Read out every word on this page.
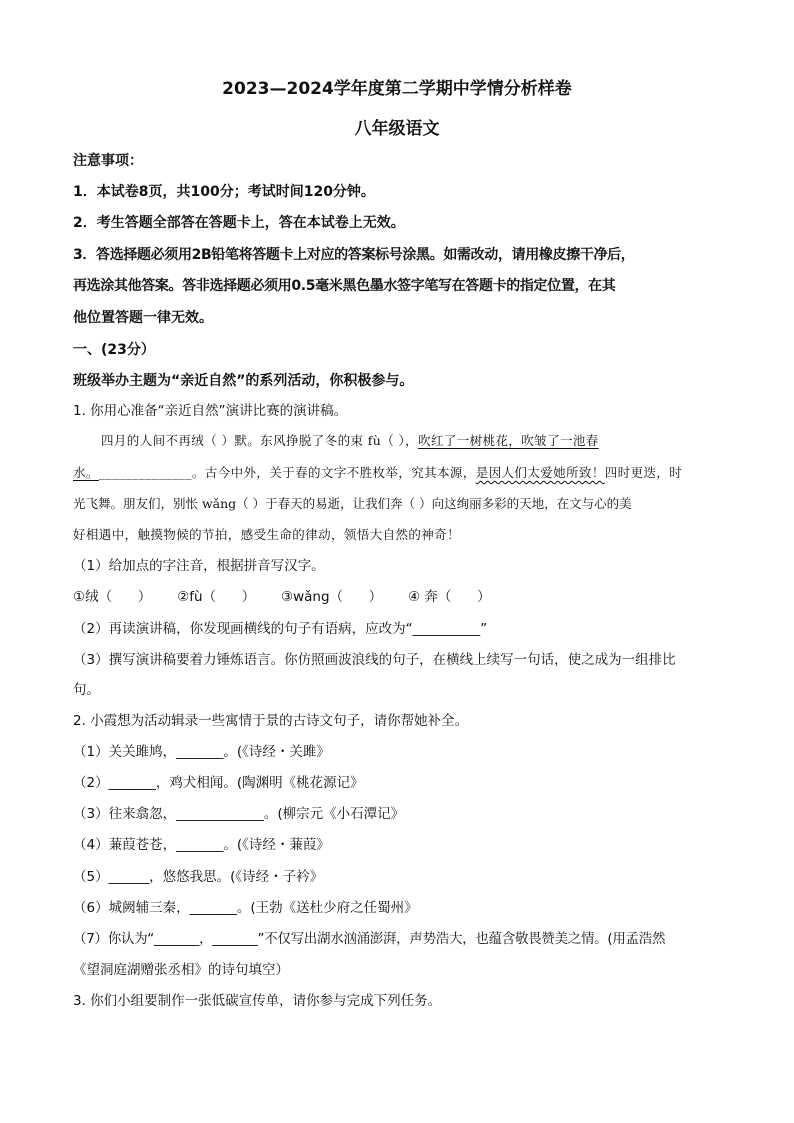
2023—2024学年度第二学期中学情分析样卷
八年级语文
注意事项：
1．本试卷8页，共100分；考试时间120分钟。
2．考生答题全部答在答题卡上，答在本试卷上无效。
3．答选择题必须用2B铅笔将答题卡上对应的答案标号涂黑。如需改动，请用橡皮擦干净后，
再选涂其他答案。答非选择题必须用0.5毫米黑色墨水签字笔写在答题卡的指定位置，在其
他位置答题一律无效。
一、(23分）
班级举办主题为“亲近自然”的系列活动，你积极参与。
1. 你用心准备“亲近自然”演讲比赛的演讲稿。
四月的人间不再绒（ ）默。东风挣脱了冬的束 fù（ ），吹红了一树桃花，吹皱了一池春
水。______________。古今中外，关于春的文字不胜枚举，究其本源，是因人们太爱她所致！四时更迭，时
光飞舞。朋友们，别怅 wǎng（ ）于春天的易逝，让我们奔（ ）向这绚丽多彩的天地，在文与心的美
好相遇中，触摸物候的节拍，感受生命的律动，领悟大自然的神奇！
（1）给加点的字注音，根据拼音写汉字。
①绒（      ）      ②fù（      ）      ③wǎng（      ）      ④ 奔（      ）
（2）再读演讲稿，你发现画横线的句子有语病，应改为“__________”
（3）撰写演讲稿要着力锤炼语言。你仿照画波浪线的句子，在横线上续写一句话，使之成为一组排比
句。
2. 小霞想为活动辑录一些寓情于景的古诗文句子，请你帮她补全。
（1）关关雎鸠，_______。(《诗经・关雎》
（2）_______，鸡犬相闻。(陶渊明《桃花源记》
（3）往来翕忽，_____________。(柳宗元《小石潭记》
（4）蒹葭苍苍，_______。(《诗经・蒹葭》
（5）______，悠悠我思。(《诗经・子衿》
（6）城阙辅三秦，_______。(王勃《送杜少府之任蜀州》
（7）你认为“_______，_______”不仅写出湖水汹涌澎湃，声势浩大，也蕴含敬畏赞美之情。(用孟浩然
《望洞庭湖赠张丞相》的诗句填空）
3. 你们小组要制作一张低碳宣传单，请你参与完成下列任务。
